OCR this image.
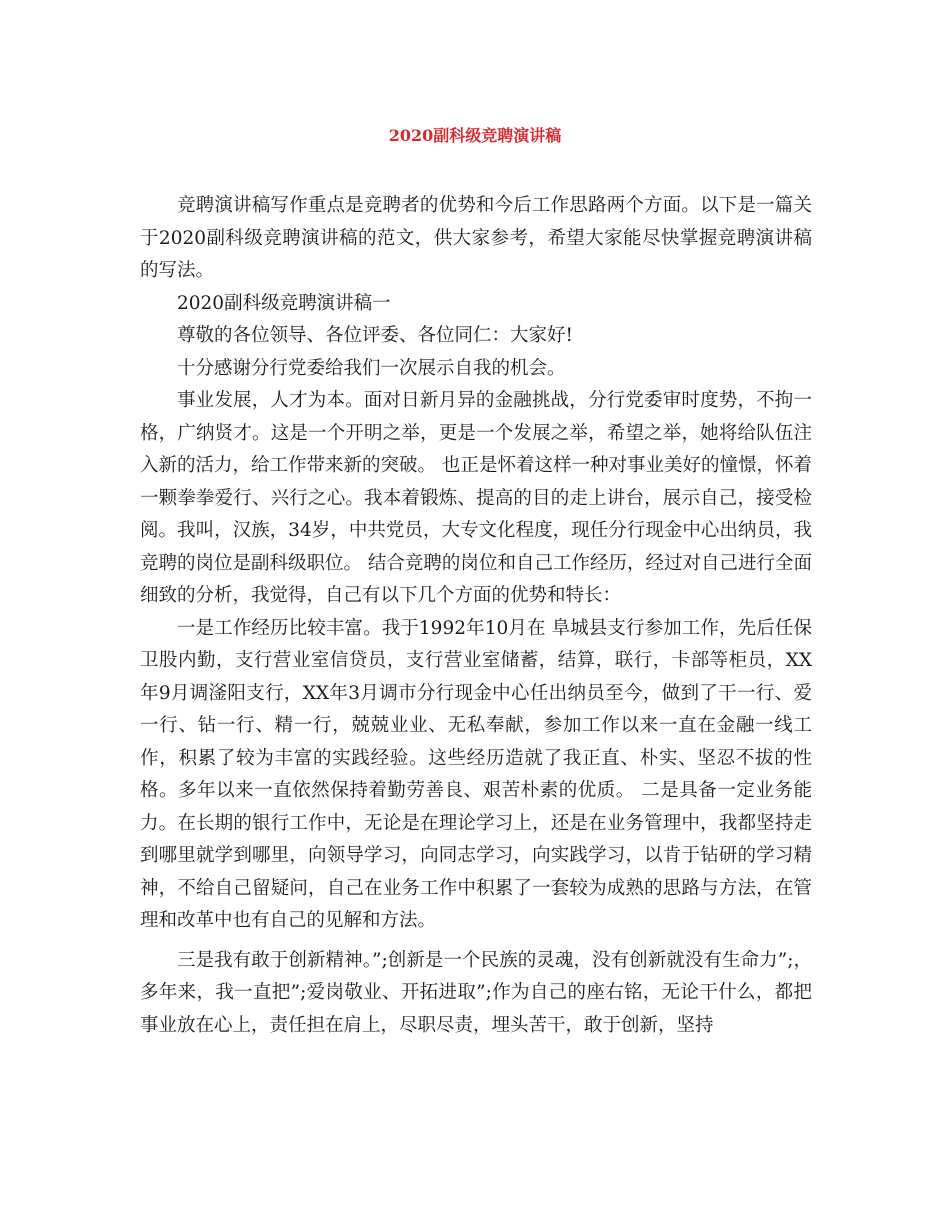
2020副科级竞聘演讲稿

竞聘演讲稿写作重点是竞聘者的优势和今后工作思路两个方面。以下是一篇关于2020副科级竞聘演讲稿的范文，供大家参考，希望大家能尽快掌握竞聘演讲稿的写法。

2020副科级竞聘演讲稿一

尊敬的各位领导、各位评委、各位同仁：大家好!

十分感谢分行党委给我们一次展示自我的机会。

事业发展，人才为本。面对日新月异的金融挑战，分行党委审时度势，不拘一格，广纳贤才。这是一个开明之举，更是一个发展之举，希望之举，她将给队伍注入新的活力，给工作带来新的突破。 也正是怀着这样一种对事业美好的憧憬，怀着一颗拳拳爱行、兴行之心。我本着锻炼、提高的目的走上讲台，展示自己，接受检阅。我叫，汉族，34岁，中共党员，大专文化程度，现任分行现金中心出纳员，我竞聘的岗位是副科级职位。 结合竞聘的岗位和自己工作经历，经过对自己进行全面细致的分析，我觉得，自己有以下几个方面的优势和特长：

一是工作经历比较丰富。我于1992年10月在 阜城县支行参加工作，先后任保卫股内勤，支行营业室信贷员，支行营业室储蓄，结算，联行，卡部等柜员，XX年9月调滏阳支行，XX年3月调市分行现金中心任出纳员至今，做到了干一行、爱一行、钻一行、精一行，兢兢业业、无私奉献，参加工作以来一直在金融一线工作，积累了较为丰富的实践经验。这些经历造就了我正直、朴实、坚忍不拔的性格。多年以来一直依然保持着勤劳善良、艰苦朴素的优质。 二是具备一定业务能力。在长期的银行工作中，无论是在理论学习上，还是在业务管理中，我都坚持走到哪里就学到哪里，向领导学习，向同志学习，向实践学习，以肯于钻研的学习精神，不给自己留疑问，自己在业务工作中积累了一套较为成熟的思路与方法，在管理和改革中也有自己的见解和方法。

三是我有敢于创新精神。”;创新是一个民族的灵魂，没有创新就没有生命力”;，多年来，我一直把”;爱岗敬业、开拓进取”;作为自己的座右铭，无论干什么，都把事业放在心上，责任担在肩上，尽职尽责，埋头苦干，敢于创新，坚持
